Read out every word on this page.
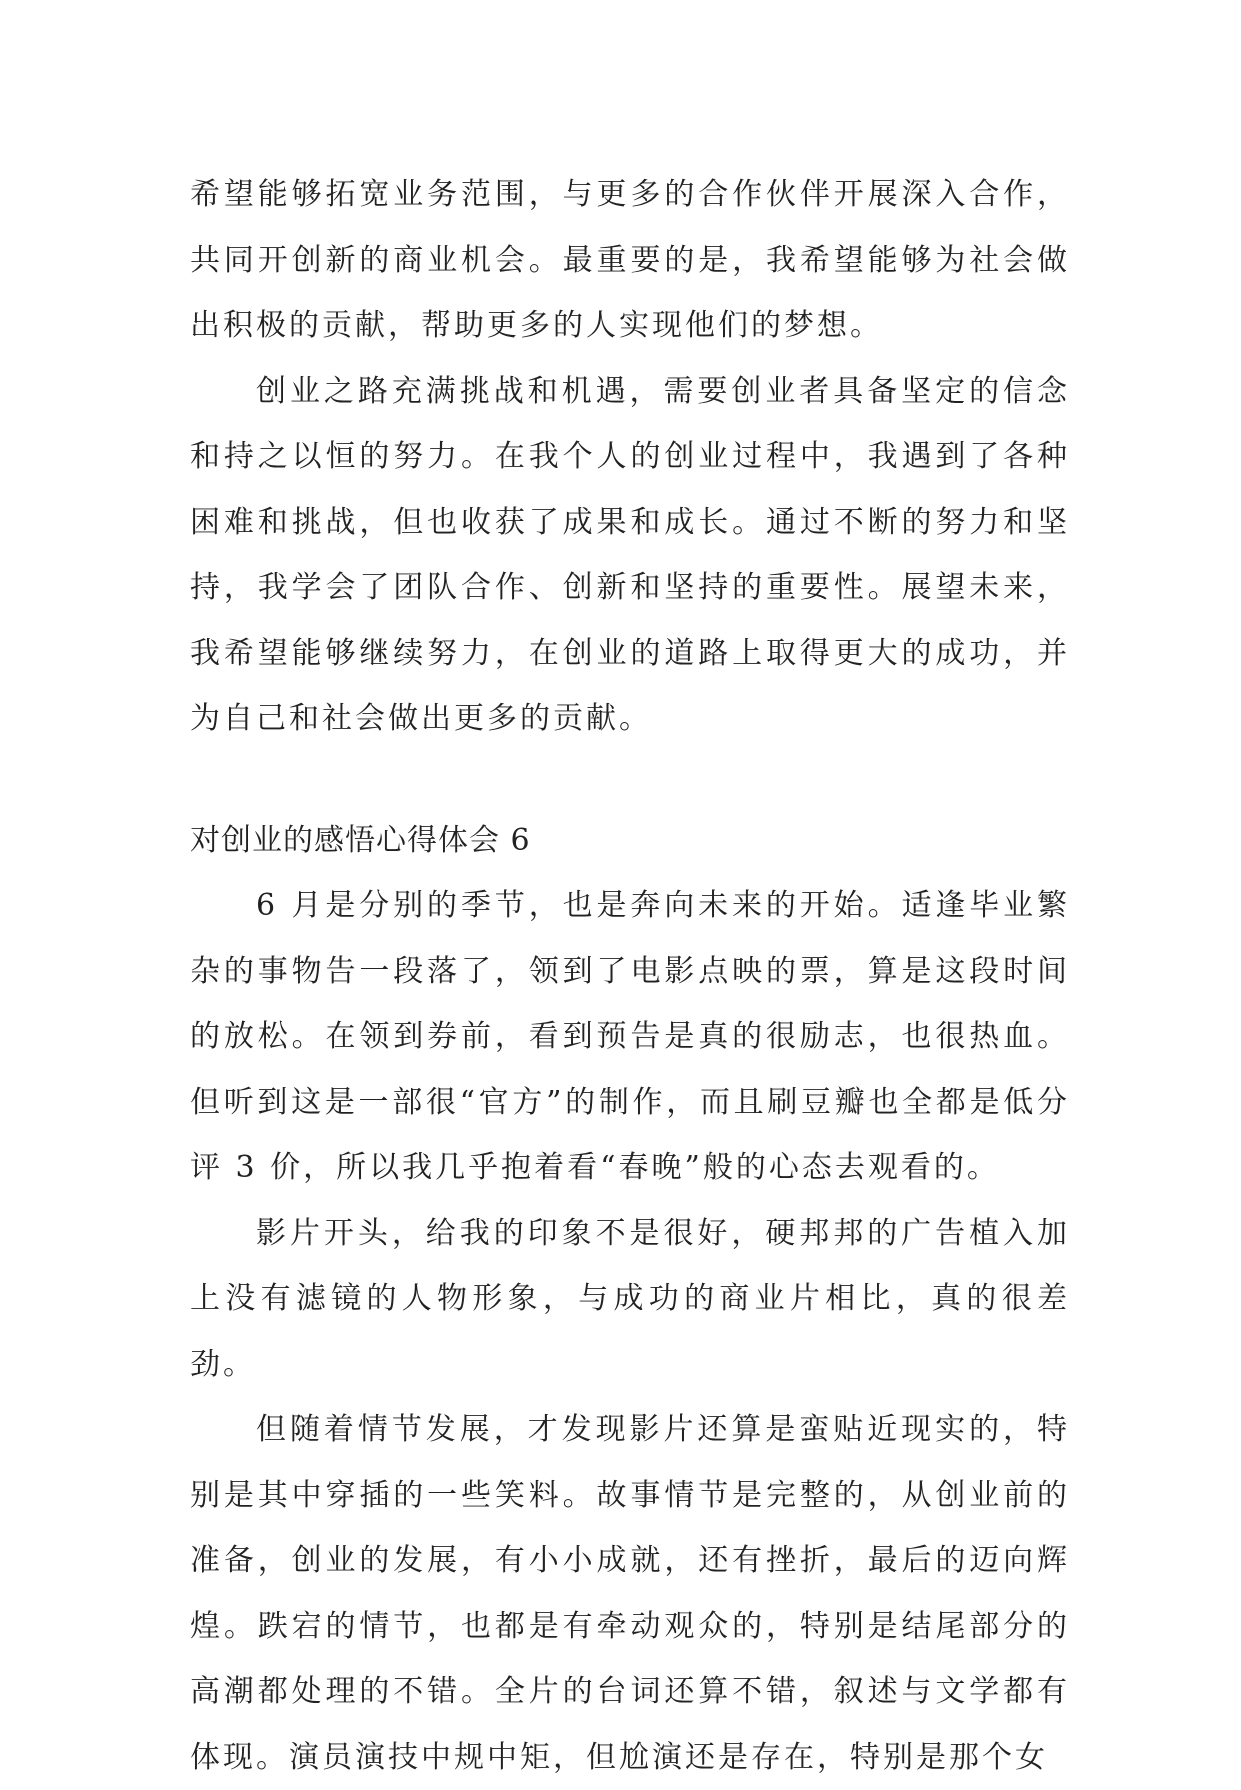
希望能够拓宽业务范围，与更多的合作伙伴开展深入合作，共同开创新的商业机会。最重要的是，我希望能够为社会做出积极的贡献，帮助更多的人实现他们的梦想。

创业之路充满挑战和机遇，需要创业者具备坚定的信念和持之以恒的努力。在我个人的创业过程中，我遇到了各种困难和挑战，但也收获了成果和成长。通过不断的努力和坚持，我学会了团队合作、创新和坚持的重要性。展望未来，我希望能够继续努力，在创业的道路上取得更大的成功，并为自己和社会做出更多的贡献。

对创业的感悟心得体会 6

6 月是分别的季节，也是奔向未来的开始。适逢毕业繁杂的事物告一段落了，领到了电影点映的票，算是这段时间的放松。在领到券前，看到预告是真的很励志，也很热血。但听到这是一部很“官方”的制作，而且刷豆瓣也全都是低分评 3 价，所以我几乎抱着看“春晚”般的心态去观看的。

影片开头，给我的印象不是很好，硬邦邦的广告植入加上没有滤镜的人物形象，与成功的商业片相比，真的很差劲。

但随着情节发展，才发现影片还算是蛮贴近现实的，特别是其中穿插的一些笑料。故事情节是完整的，从创业前的准备，创业的发展，有小小成就，还有挫折，最后的迈向辉煌。跌宕的情节，也都是有牵动观众的，特别是结尾部分的高潮都处理的不错。全片的台词还算不错，叙述与文学都有体现。演员演技中规中矩，但尬演还是存在，特别是那个女
